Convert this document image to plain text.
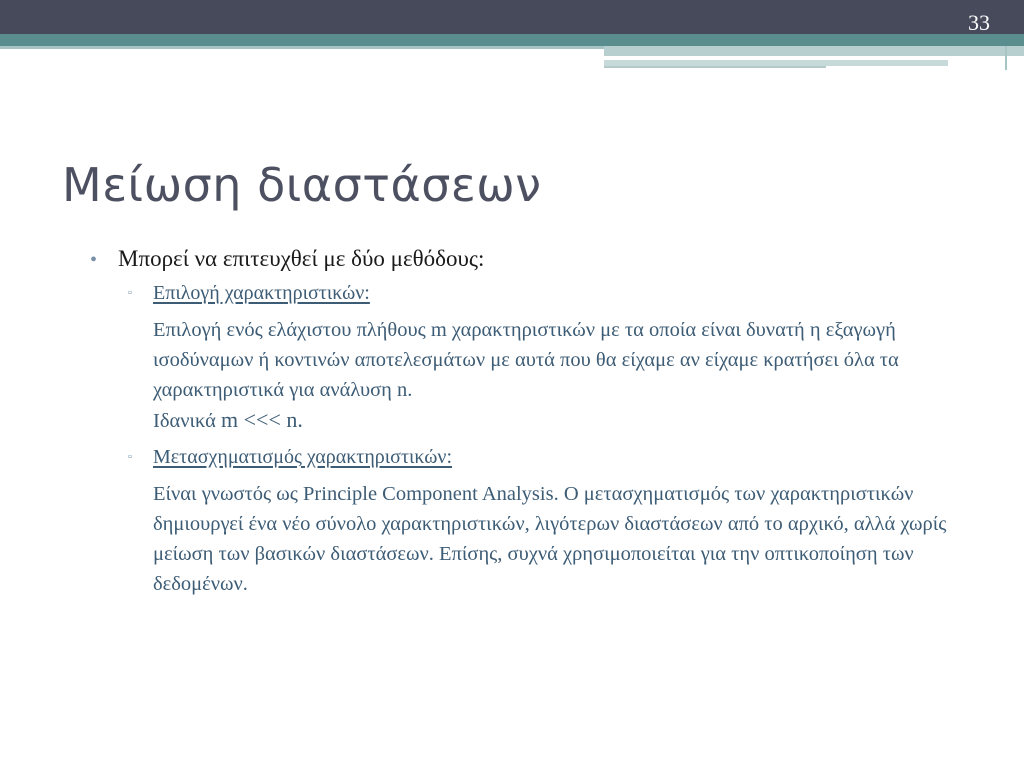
33
Μείωση διαστάσεων
• Μπορεί να επιτευχθεί με δύο μεθόδους:
▫	Επιλογή χαρακτηριστικών:

Επιλογή ενός ελάχιστου πλήθους m χαρακτηριστικών με τα οποία είναι δυνατή η εξαγωγή ισοδύναμων ή κοντινών αποτελεσμάτων με αυτά που θα είχαμε αν είχαμε κρατήσει όλα τα χαρακτηριστικά για ανάλυση n.
Ιδανικά m <<< n.

▫	Μετασχηματισμός χαρακτηριστικών:

Είναι γνωστός ως Principle Component Analysis. Ο μετασχηματισμός των χαρακτηριστικών δημιουργεί ένα νέο σύνολο χαρακτηριστικών, λιγότερων διαστάσεων από το αρχικό, αλλά χωρίς μείωση των βασικών διαστάσεων. Επίσης, συχνά χρησιμοποιείται για την οπτικοποίηση των δεδομένων.
